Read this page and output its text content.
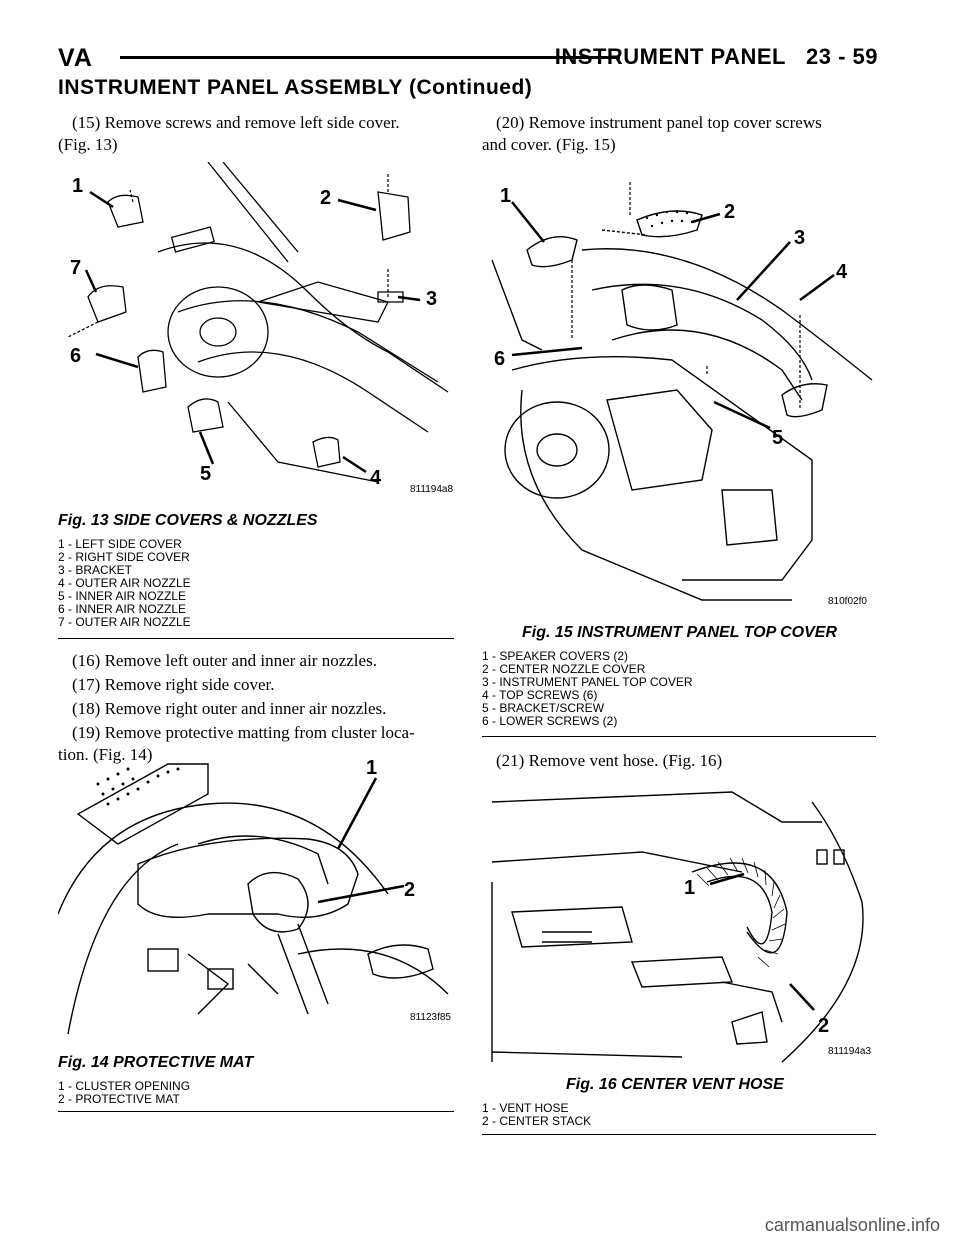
VA	INSTRUMENT PANEL 23 - 59
INSTRUMENT PANEL ASSEMBLY (Continued)
(15) Remove screws and remove left side cover.
(Fig. 13)
1
2
3
4
5
6
7
811194a8
Fig. 13 SIDE COVERS & NOZZLES
1 - LEFT SIDE COVER
2 - RIGHT SIDE COVER
3 - BRACKET
4 - OUTER AIR NOZZLE
5 - INNER AIR NOZZLE
6 - INNER AIR NOZZLE
7 - OUTER AIR NOZZLE
(16) Remove left outer and inner air nozzles.
(17) Remove right side cover.
(18) Remove right outer and inner air nozzles.
(19) Remove protective matting from cluster loca-
tion. (Fig. 14)
1
2
81123f85
Fig. 14 PROTECTIVE MAT
1 - CLUSTER OPENING
2 - PROTECTIVE MAT
(20) Remove instrument panel top cover screws
and cover. (Fig. 15)
1
2
3
4
5
6
810f02f0
Fig. 15 INSTRUMENT PANEL TOP COVER
1 - SPEAKER COVERS (2)
2 - CENTER NOZZLE COVER
3 - INSTRUMENT PANEL TOP COVER
4 - TOP SCREWS (6)
5 - BRACKET/SCREW
6 - LOWER SCREWS (2)
(21) Remove vent hose. (Fig. 16)
1
2
811194a3
Fig. 16 CENTER VENT HOSE
1 - VENT HOSE
2 - CENTER STACK
carmanualsonline.info
